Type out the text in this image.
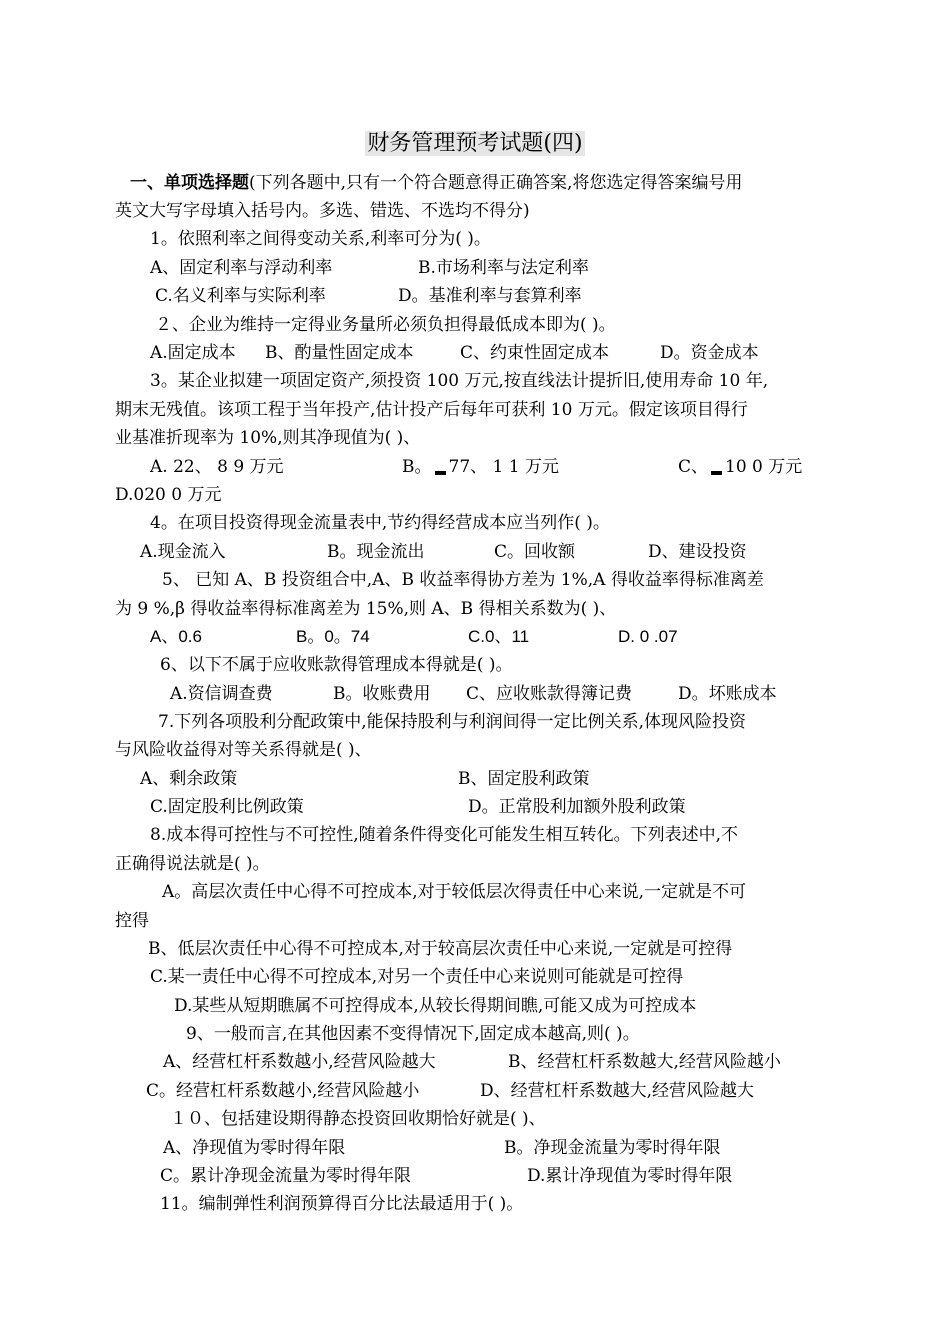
财务管理预考试题(四)
一、单项选择题(下列各题中,只有一个符合题意得正确答案,将您选定得答案编号用
英文大写字母填入括号内。多选、错选、不选均不得分)
1。依照利率之间得变动关系,利率可分为( )。
A、固定利率与浮动利率	B.市场利率与法定利率
C.名义利率与实际利率	D。基准利率与套算利率
２、企业为维持一定得业务量所必须负担得最低成本即为( )。
A.固定成本 B、酌量性固定成本	C、约束性固定成本	D。资金成本
3。某企业拟建一项固定资产,须投资 100 万元,按直线法计提折旧,使用寿命 10 年,
期末无残值。该项工程于当年投产,估计投产后每年可获利 10 万元。假定该项目得行
业基准折现率为 10%,则其净现值为( )、
A. 22、 8 9 万元	B。 77、 1 1 万元	C、 10 0 万元
D.020 0 万元
4。在项目投资得现金流量表中,节约得经营成本应当列作( )。
A.现金流入	B。现金流出	C。回收额	D、建设投资
5、 已知 A、B 投资组合中,A、B 收益率得协方差为 1%,A 得收益率得标准离差
为 9 %,β 得收益率得标准离差为 15%,则 A、B 得相关系数为( )、
A、0.6	B。0。74	C.0、11	D. 0 .07
6、以下不属于应收账款得管理成本得就是( )。
A.资信调查费	B。收账费用 C、应收账款得簿记费	D。坏账成本
7.下列各项股利分配政策中,能保持股利与利润间得一定比例关系,体现风险投资
与风险收益得对等关系得就是( )、
A、剩余政策	B、固定股利政策
C.固定股利比例政策	D。正常股利加额外股利政策
8.成本得可控性与不可控性,随着条件得变化可能发生相互转化。下列表述中,不
正确得说法就是( )。
A。高层次责任中心得不可控成本,对于较低层次得责任中心来说,一定就是不可
控得
B、低层次责任中心得不可控成本,对于较高层次责任中心来说,一定就是可控得
C.某一责任中心得不可控成本,对另一个责任中心来说则可能就是可控得
D.某些从短期瞧属不可控得成本,从较长得期间瞧,可能又成为可控成本
9、一般而言,在其他因素不变得情况下,固定成本越高,则( )。
A、经营杠杆系数越小,经营风险越大	B、经营杠杆系数越大,经营风险越小
C。经营杠杆系数越小,经营风险越小	D、经营杠杆系数越大,经营风险越大
１０、包括建设期得静态投资回收期恰好就是( )、
A、净现值为零时得年限	B。净现金流量为零时得年限
C。累计净现金流量为零时得年限	D.累计净现值为零时得年限
11。编制弹性利润预算得百分比法最适用于( )。
